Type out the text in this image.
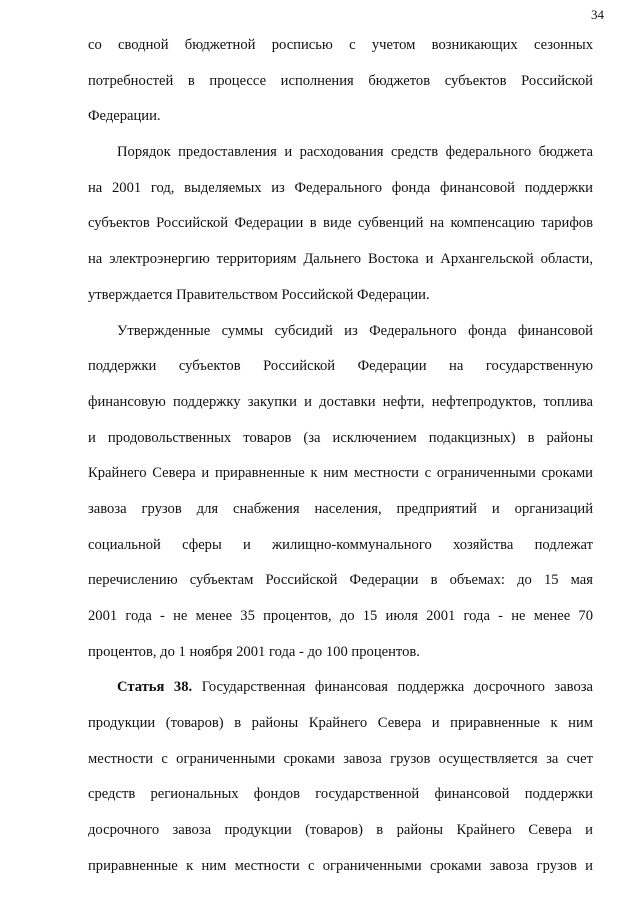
34
со сводной бюджетной росписью с учетом возникающих сезонных
потребностей в процессе исполнения бюджетов субъектов Российской
Федерации.
Порядок предоставления и расходования средств федерального бюджета
на 2001 год, выделяемых из Федерального фонда финансовой поддержки
субъектов Российской Федерации в виде субвенций на компенсацию тарифов
на электроэнергию территориям Дальнего Востока и Архангельской области,
утверждается Правительством Российской Федерации.
Утвержденные суммы субсидий из Федерального фонда финансовой
поддержки субъектов Российской Федерации на государственную
финансовую поддержку закупки и доставки нефти, нефтепродуктов, топлива
и продовольственных товаров (за исключением подакцизных) в районы
Крайнего Севера и приравненные к ним местности с ограниченными сроками
завоза грузов для снабжения населения, предприятий и организаций
социальной сферы и жилищно-коммунального хозяйства подлежат
перечислению субъектам Российской Федерации в объемах: до 15 мая
2001 года - не менее 35 процентов, до 15 июля 2001 года - не менее 70
процентов, до 1 ноября 2001 года - до 100 процентов.
Статья 38. Государственная финансовая поддержка досрочного завоза
продукции (товаров) в районы Крайнего Севера и приравненные к ним
местности с ограниченными сроками завоза грузов осуществляется за счет
средств региональных фондов государственной финансовой поддержки
досрочного завоза продукции (товаров) в районы Крайнего Севера и
приравненные к ним местности с ограниченными сроками завоза грузов и
